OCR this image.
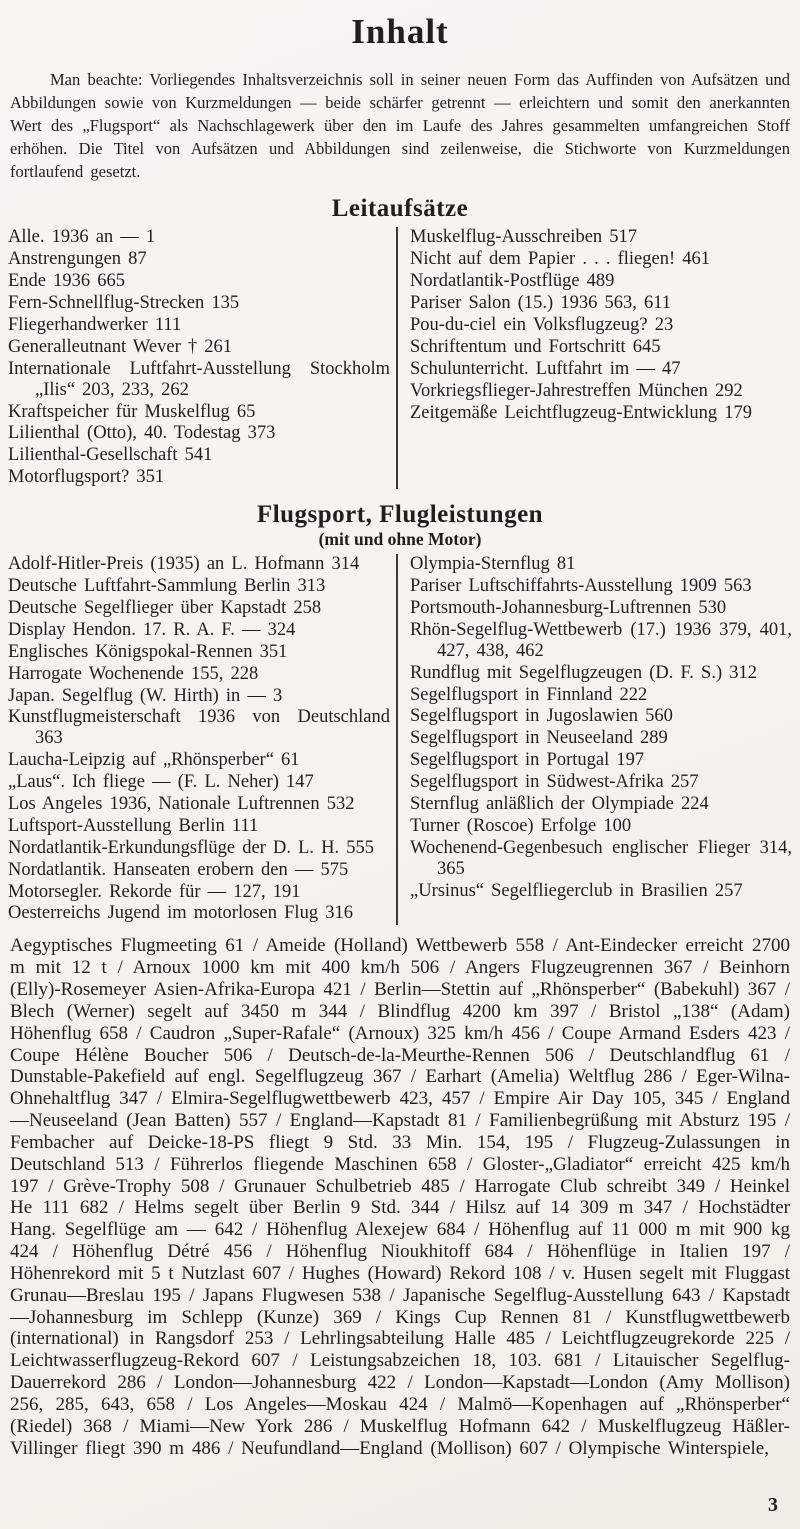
Inhalt

Man beachte: Vorliegendes Inhaltsverzeichnis soll in seiner neuen Form das Auffinden von Aufsätzen und Abbildungen sowie von Kurzmeldungen — beide schärfer getrennt — erleichtern und somit den anerkannten Wert des „Flugsport“ als Nachschlagewerk über den im Laufe des Jahres gesammelten umfangreichen Stoff erhöhen. Die Titel von Aufsätzen und Abbildungen sind zeilenweise, die Stichworte von Kurzmeldungen fortlaufend gesetzt.

Leitaufsätze
Alle. 1936 an — 1
Anstrengungen 87
Ende 1936 665
Fern-Schnellflug-Strecken 135
Fliegerhandwerker 111
Generalleutnant Wever † 261
Internationale Luftfahrt-Ausstellung Stockholm „Ilis“ 203, 233, 262
Kraftspeicher für Muskelflug 65
Lilienthal (Otto), 40. Todestag 373
Lilienthal-Gesellschaft 541
Motorflugsport? 351
Muskelflug-Ausschreiben 517
Nicht auf dem Papier . . . fliegen! 461
Nordatlantik-Postflüge 489
Pariser Salon (15.) 1936 563, 611
Pou-du-ciel ein Volksflugzeug? 23
Schriftentum und Fortschritt 645
Schulunterricht. Luftfahrt im — 47
Vorkriegsflieger-Jahrestreffen München 292
Zeitgemäße Leichtflugzeug-Entwicklung 179
Flugsport, Flugleistungen
(mit und ohne Motor)
Adolf-Hitler-Preis (1935) an L. Hofmann 314
Deutsche Luftfahrt-Sammlung Berlin 313
Deutsche Segelflieger über Kapstadt 258
Display Hendon. 17. R. A. F. — 324
Englisches Königspokal-Rennen 351
Harrogate Wochenende 155, 228
Japan. Segelflug (W. Hirth) in — 3
Kunstflugmeisterschaft 1936 von Deutschland 363
Laucha-Leipzig auf „Rhönsperber“ 61
„Laus“. Ich fliege — (F. L. Neher) 147
Los Angeles 1936, Nationale Luftrennen 532
Luftsport-Ausstellung Berlin 111
Nordatlantik-Erkundungsflüge der D. L. H. 555
Nordatlantik. Hanseaten erobern den — 575
Motorsegler. Rekorde für — 127, 191
Oesterreichs Jugend im motorlosen Flug 316
Olympia-Sternflug 81
Pariser Luftschiffahrts-Ausstellung 1909 563
Portsmouth-Johannesburg-Luftrennen 530
Rhön-Segelflug-Wettbewerb (17.) 1936 379, 401, 427, 438, 462
Rundflug mit Segelflugzeugen (D. F. S.) 312
Segelflugsport in Finnland 222
Segelflugsport in Jugoslawien 560
Segelflugsport in Neuseeland 289
Segelflugsport in Portugal 197
Segelflugsport in Südwest-Afrika 257
Sternflug anläßlich der Olympiade 224
Turner (Roscoe) Erfolge 100
Wochenend-Gegenbesuch englischer Flieger 314, 365
„Ursinus“ Segelfliegerclub in Brasilien 257

Aegyptisches Flugmeeting 61 / Ameide (Holland) Wettbewerb 558 / Ant-Eindecker erreicht 2700 m mit 12 t / Arnoux 1000 km mit 400 km/h 506 / Angers Flugzeugrennen 367 / Beinhorn (Elly)-Rosemeyer Asien-Afrika-Europa 421 / Berlin—Stettin auf „Rhönsperber“ (Babekuhl) 367 / Blech (Werner) segelt auf 3450 m 344 / Blindflug 4200 km 397 / Bristol „138“ (Adam) Höhenflug 658 / Caudron „Super-Rafale“ (Arnoux) 325 km/h 456 / Coupe Armand Esders 423 / Coupe Hélène Boucher 506 / Deutsch-de-la-Meurthe-Rennen 506 / Deutschlandflug 61 / Dunstable-Pakefield auf engl. Segelflugzeug 367 / Earhart (Amelia) Weltflug 286 / Eger-Wilna-Ohnehaltflug 347 / Elmira-Segelflugwettbewerb 423, 457 / Empire Air Day 105, 345 / England—Neuseeland (Jean Batten) 557 / England—Kapstadt 81 / Familienbegrüßung mit Absturz 195 / Fembacher auf Deicke-18-PS fliegt 9 Std. 33 Min. 154, 195 / Flugzeug-Zulassungen in Deutschland 513 / Führerlos fliegende Maschinen 658 / Gloster-„Gladiator“ erreicht 425 km/h 197 / Grève-Trophy 508 / Grunauer Schulbetrieb 485 / Harrogate Club schreibt 349 / Heinkel He 111 682 / Helms segelt über Berlin 9 Std. 344 / Hilsz auf 14 309 m 347 / Hochstädter Hang. Segelflüge am — 642 / Höhenflug Alexejew 684 / Höhenflug auf 11 000 m mit 900 kg 424 / Höhenflug Détré 456 / Höhenflug Nioukhitoff 684 / Höhenflüge in Italien 197 / Höhenrekord mit 5 t Nutzlast 607 / Hughes (Howard) Rekord 108 / v. Husen segelt mit Fluggast Grunau—Breslau 195 / Japans Flugwesen 538 / Japanische Segelflug-Ausstellung 643 / Kapstadt—Johannesburg im Schlepp (Kunze) 369 / Kings Cup Rennen 81 / Kunstflugwettbewerb (international) in Rangsdorf 253 / Lehrlingsabteilung Halle 485 / Leichtflugzeugrekorde 225 / Leichtwasserflugzeug-Rekord 607 / Leistungsabzeichen 18, 103. 681 / Litauischer Segelflug-Dauerrekord 286 / London—Johannesburg 422 / London—Kapstadt—London (Amy Mollison) 256, 285, 643, 658 / Los Angeles—Moskau 424 / Malmö—Kopenhagen auf „Rhönsperber“ (Riedel) 368 / Miami—New York 286 / Muskelflug Hofmann 642 / Muskelflugzeug Häßler-Villinger fliegt 390 m 486 / Neufundland—England (Mollison) 607 / Olympische Winterspiele,

3
